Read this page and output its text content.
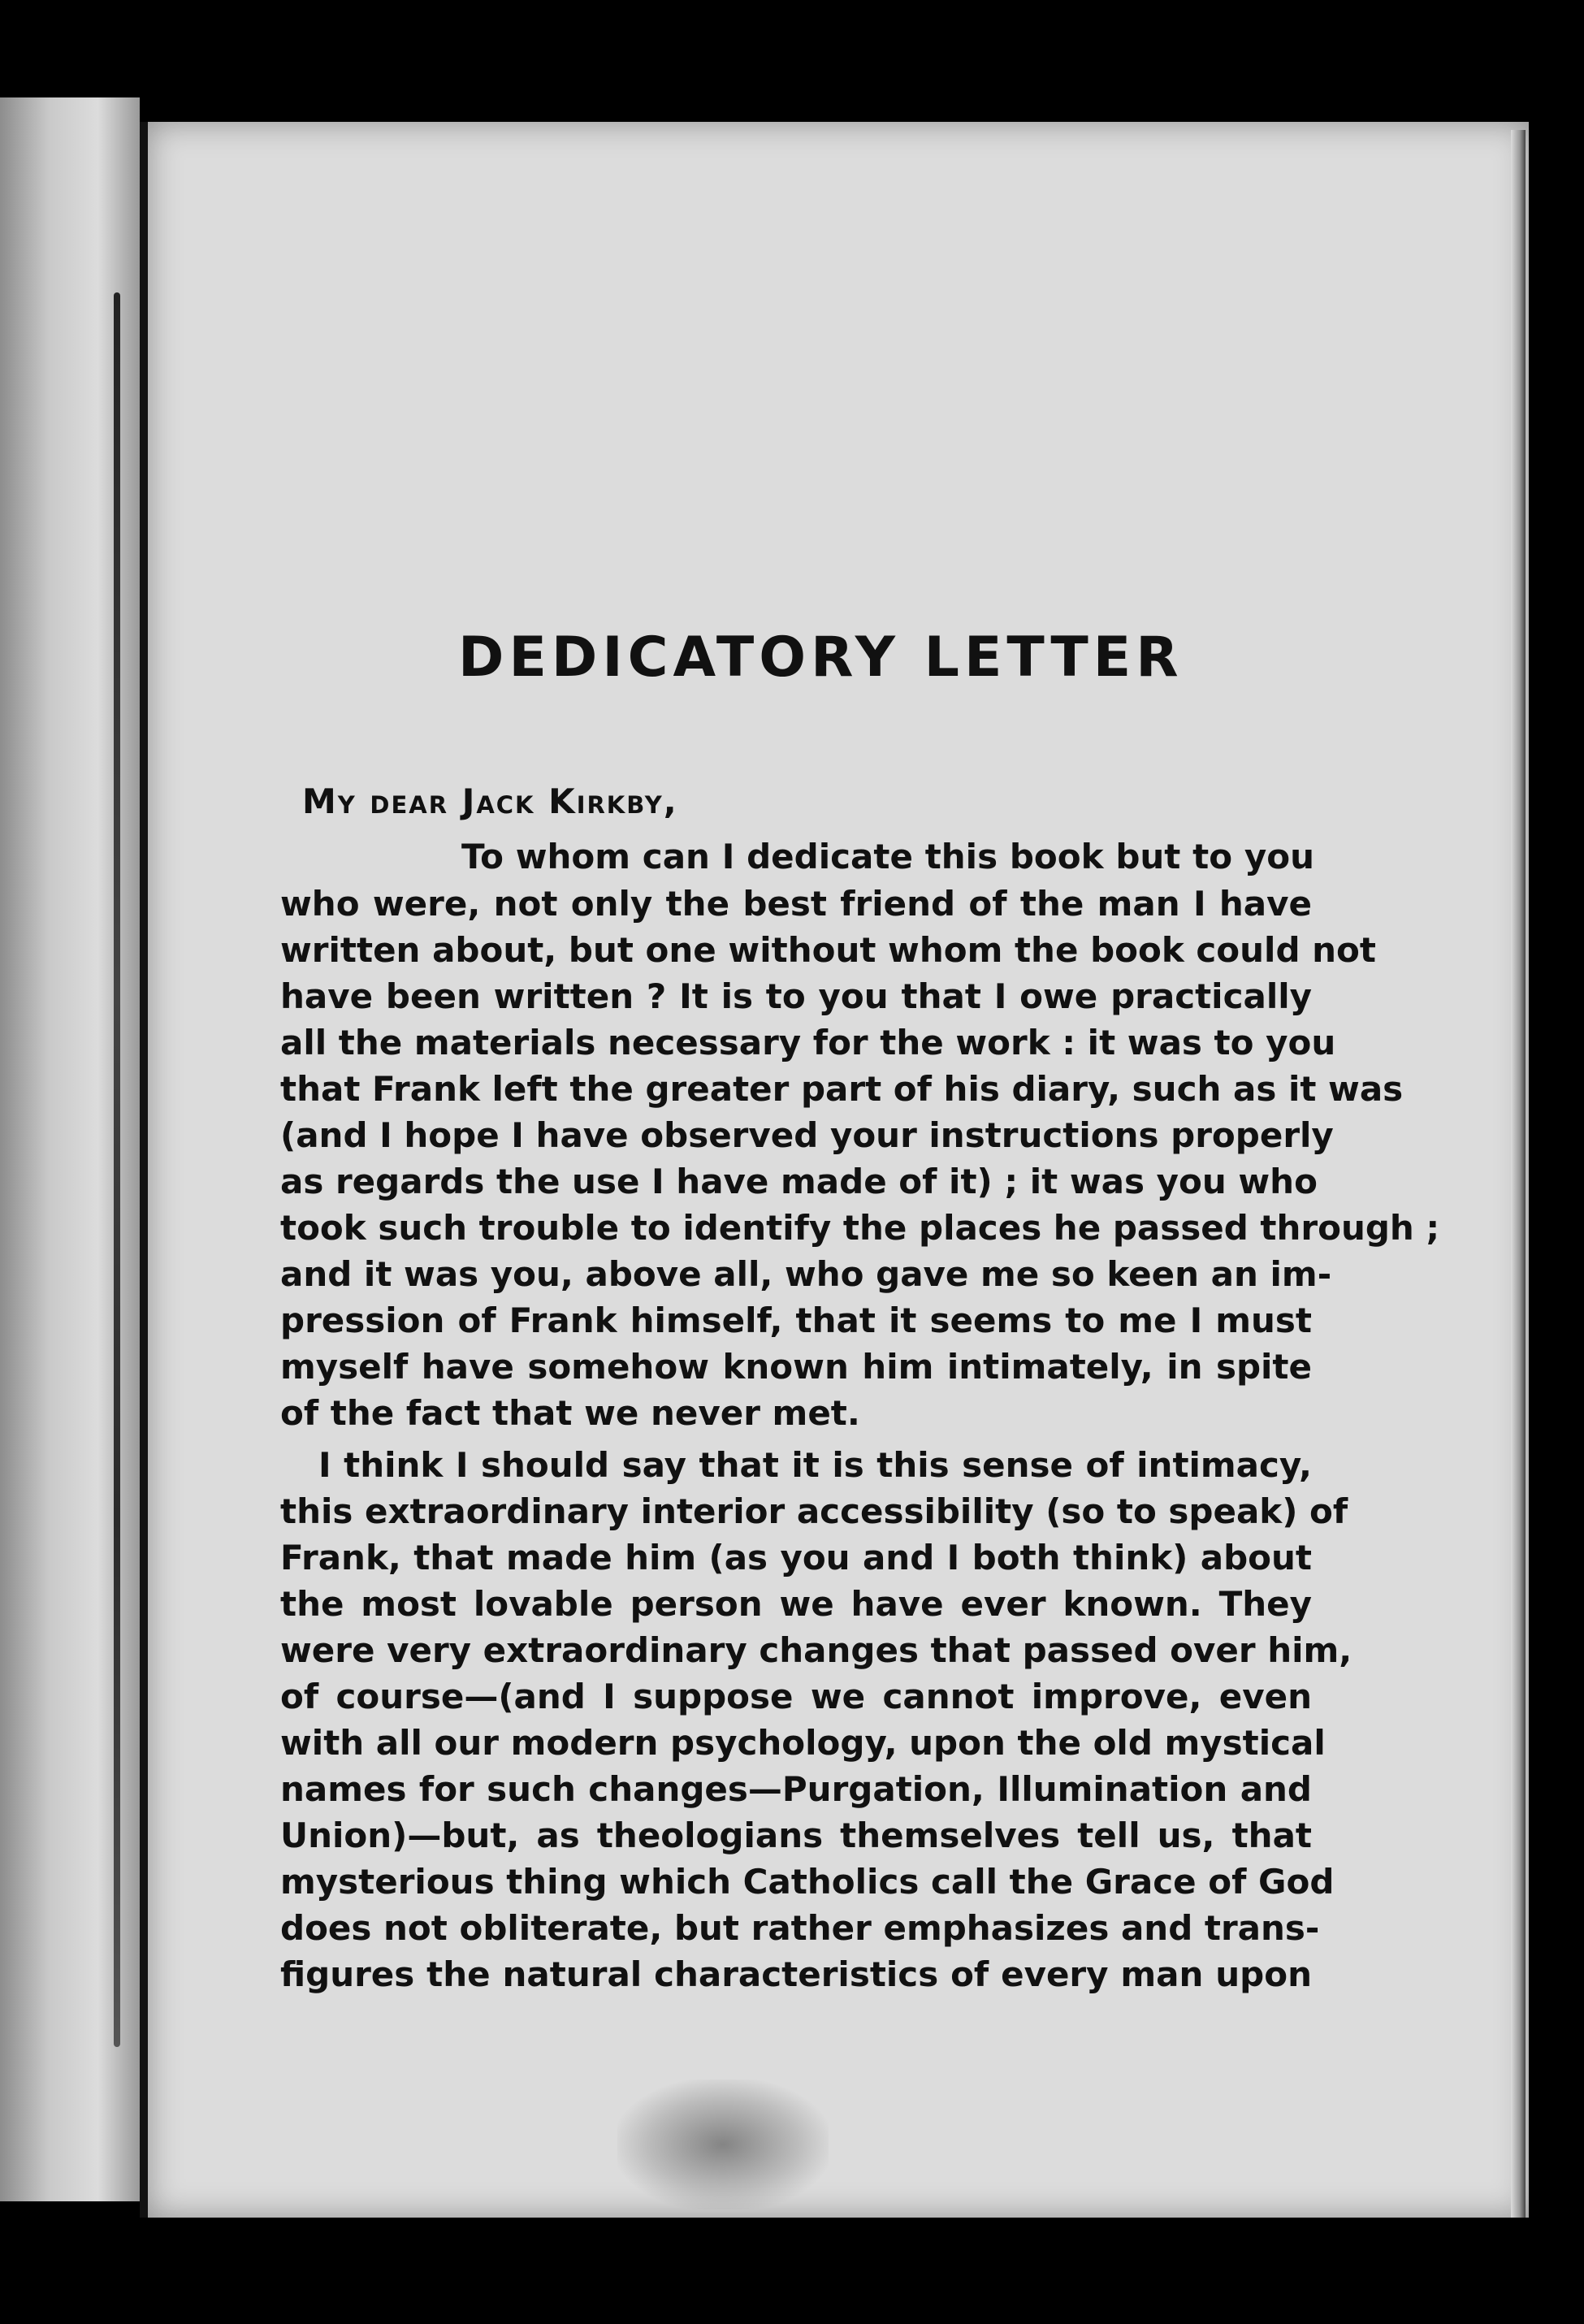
DEDICATORY LETTER

My dear Jack Kirkby,

To whom can I dedicate this book but to you

who were, not only the best friend of the man I have

written about, but one without whom the book could not

have been written ? It is to you that I owe practically

all the materials necessary for the work : it was to you

that Frank left the greater part of his diary, such as it was

(and I hope I have observed your instructions properly

as regards the use I have made of it) ; it was you who

took such trouble to identify the places he passed through ;

and it was you, above all, who gave me so keen an im-

pression of Frank himself, that it seems to me I must

myself have somehow known him intimately, in spite

of the fact that we never met.

I think I should say that it is this sense of intimacy,

this extraordinary interior accessibility (so to speak) of

Frank, that made him (as you and I both think) about

the most lovable person we have ever known. They

were very extraordinary changes that passed over him,

of course—(and I suppose we cannot improve, even

with all our modern psychology, upon the old mystical

names for such changes—Purgation, Illumination and

Union)—but, as theologians themselves tell us, that

mysterious thing which Catholics call the Grace of God

does not obliterate, but rather emphasizes and trans-

figures the natural characteristics of every man upon
